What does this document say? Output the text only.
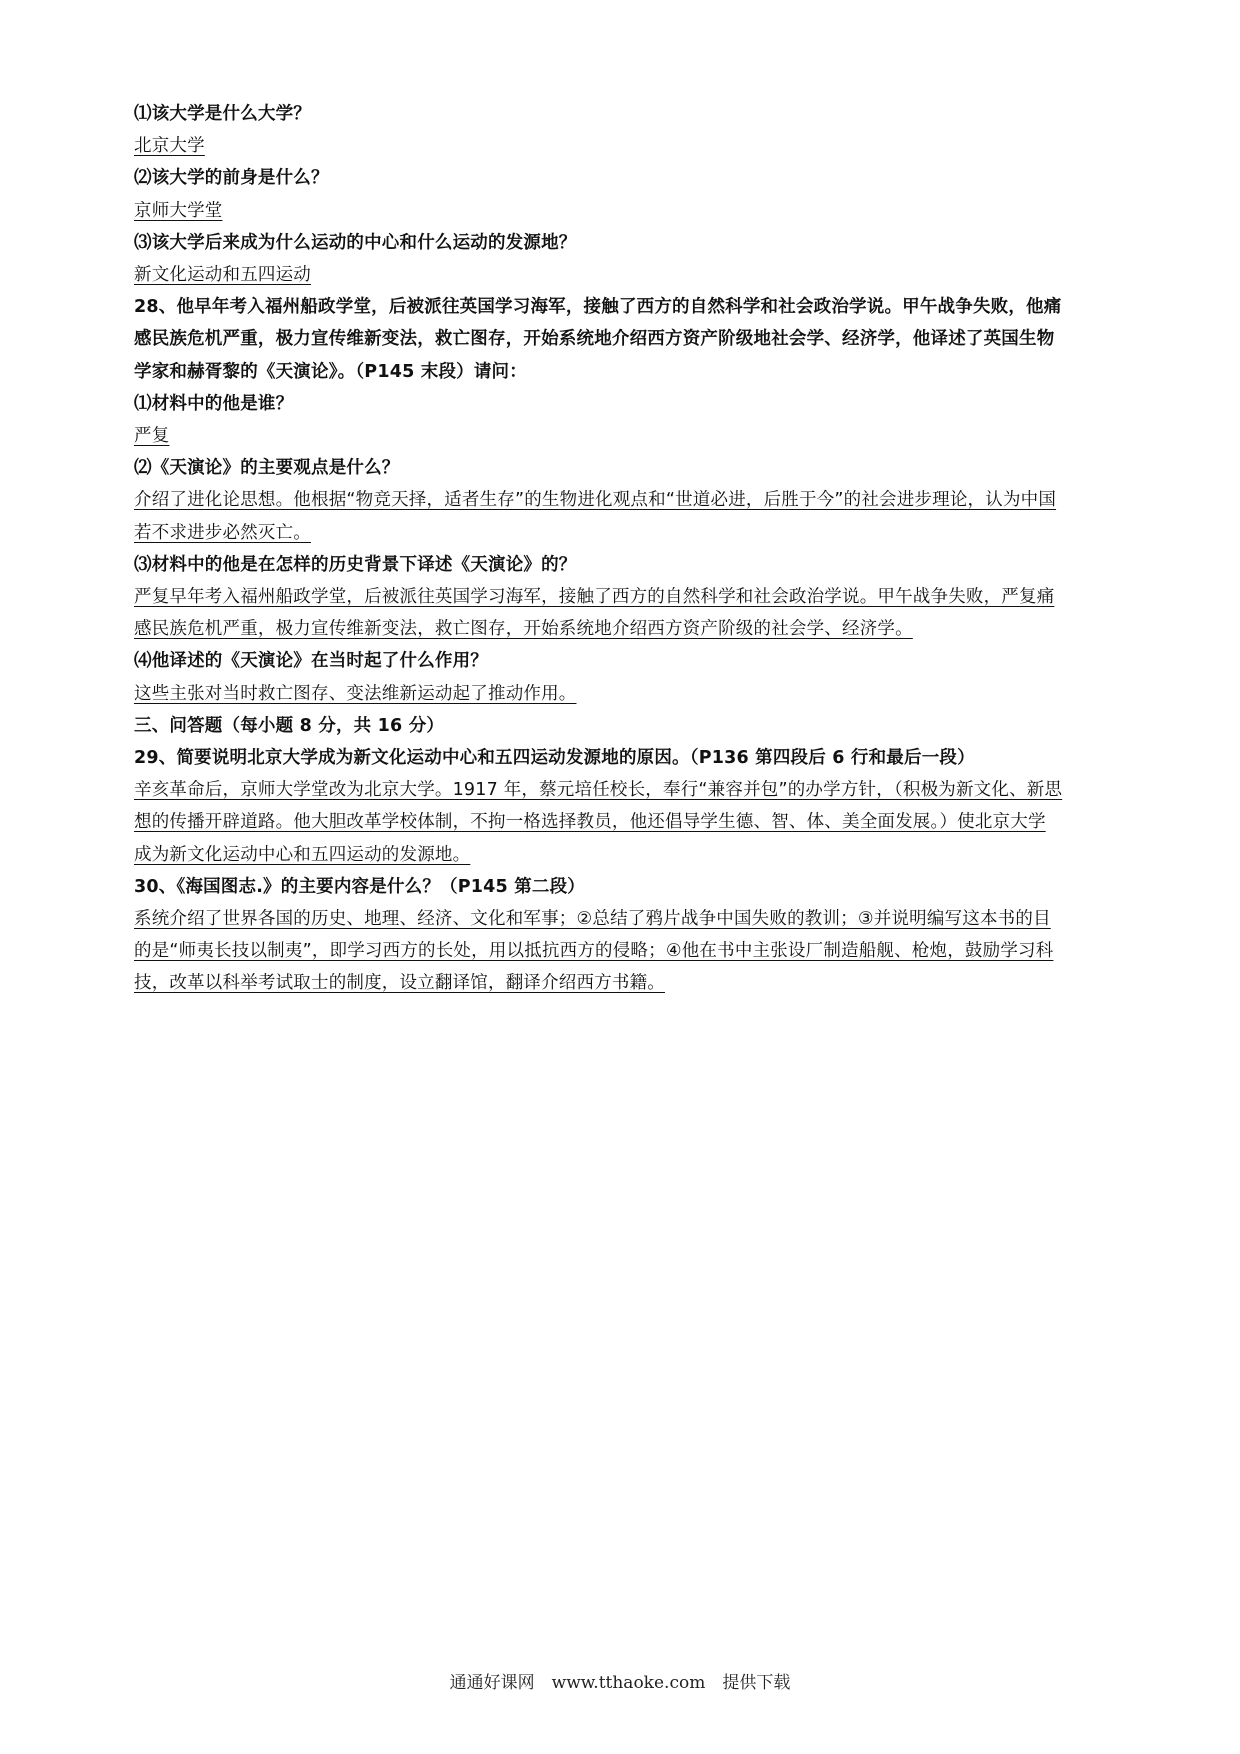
⑴该大学是什么大学？
北京大学
⑵该大学的前身是什么？
京师大学堂
⑶该大学后来成为什么运动的中心和什么运动的发源地？
新文化运动和五四运动
28、他早年考入福州船政学堂，后被派往英国学习海军，接触了西方的自然科学和社会政治学说。甲午战争失败，他痛
感民族危机严重，极力宣传维新变法，救亡图存，开始系统地介绍西方资产阶级地社会学、经济学，他译述了英国生物
学家和赫胥黎的《天演论》。（P145 末段）请问：
⑴材料中的他是谁？
严复
⑵《天演论》的主要观点是什么？
介绍了进化论思想。他根据“物竞天择，适者生存”的生物进化观点和“世道必进，后胜于今”的社会进步理论，认为中国
若不求进步必然灭亡。
⑶材料中的他是在怎样的历史背景下译述《天演论》的？
严复早年考入福州船政学堂，后被派往英国学习海军，接触了西方的自然科学和社会政治学说。甲午战争失败，严复痛
感民族危机严重，极力宣传维新变法，救亡图存，开始系统地介绍西方资产阶级的社会学、经济学。
⑷他译述的《天演论》在当时起了什么作用？
这些主张对当时救亡图存、变法维新运动起了推动作用。
三、问答题（每小题 8 分，共 16 分）
29、简要说明北京大学成为新文化运动中心和五四运动发源地的原因。（P136 第四段后 6 行和最后一段）
辛亥革命后，京师大学堂改为北京大学。1917 年，蔡元培任校长，奉行“兼容并包”的办学方针，（积极为新文化、新思
想的传播开辟道路。他大胆改革学校体制，不拘一格选择教员，他还倡导学生德、智、体、美全面发展。）使北京大学
成为新文化运动中心和五四运动的发源地。
30、《海国图志.》的主要内容是什么？（P145 第二段）
系统介绍了世界各国的历史、地理、经济、文化和军事；②总结了鸦片战争中国失败的教训；③并说明编写这本书的目
的是“师夷长技以制夷”，即学习西方的长处，用以抵抗西方的侵略；④他在书中主张设厂制造船舰、枪炮，鼓励学习科
技，改革以科举考试取士的制度，设立翻译馆，翻译介绍西方书籍。
通通好课网　www.tthaoke.com　提供下载
